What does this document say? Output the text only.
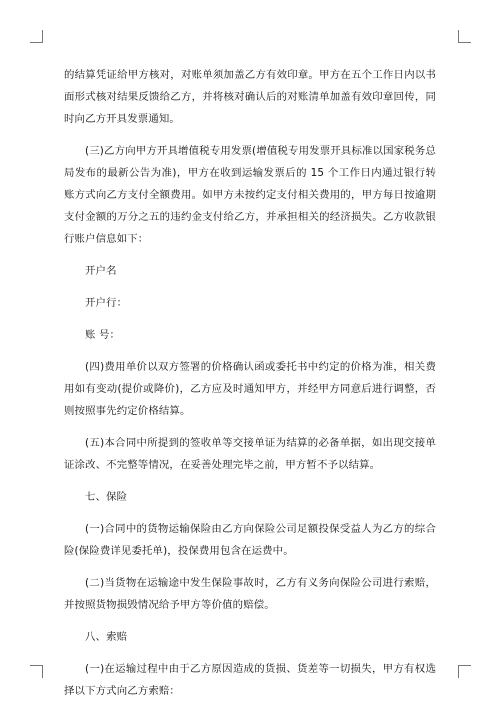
的结算凭证给甲方核对，对账单须加盖乙方有效印章。甲方在五个工作日内以书面形式核对结果反馈给乙方，并将核对确认后的对账清单加盖有效印章回传，同时向乙方开具发票通知。

(三)乙方向甲方开具增值税专用发票(增值税专用发票开具标准以国家税务总局发布的最新公告为准)，甲方在收到运输发票后的 15 个工作日内通过银行转账方式向乙方支付全额费用。如甲方未按约定支付相关费用的，甲方每日按逾期支付金额的万分之五的违约金支付给乙方，并承担相关的经济损失。乙方收款银行账户信息如下：

开户名

开户行：

账 号：

(四)费用单价以双方签署的价格确认函或委托书中约定的价格为准，相关费用如有变动(提价或降价)，乙方应及时通知甲方，并经甲方同意后进行调整，否则按照事先约定价格结算。

(五)本合同中所提到的签收单等交接单证为结算的必备单据，如出现交接单证涂改、不完整等情况，在妥善处理完毕之前，甲方暂不予以结算。

七、保险

(一)合同中的货物运输保险由乙方向保险公司足额投保受益人为乙方的综合险(保险费详见委托单)，投保费用包含在运费中。

(二)当货物在运输途中发生保险事故时，乙方有义务向保险公司进行索赔，并按照货物损毁情况给予甲方等价值的赔偿。

八、索赔

(一)在运输过程中由于乙方原因造成的货损、货差等一切损失，甲方有权选择以下方式向乙方索赔：
